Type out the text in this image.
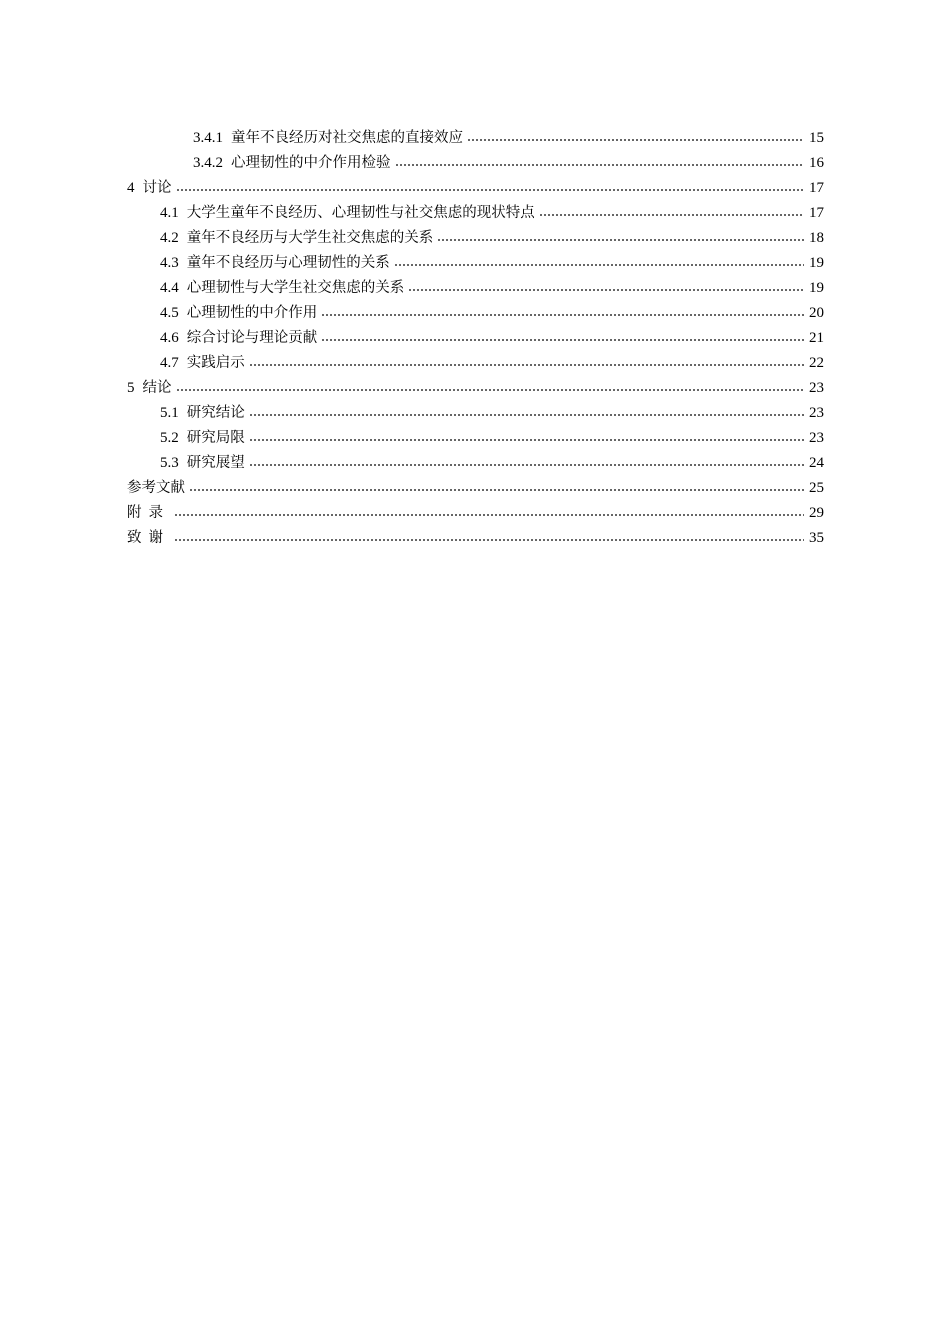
3.4.1 童年不良经历对社交焦虑的直接效应	15
3.4.2 心理韧性的中介作用检验	16
4 讨论	17
4.1 大学生童年不良经历、心理韧性与社交焦虑的现状特点	17
4.2 童年不良经历与大学生社交焦虑的关系	18
4.3 童年不良经历与心理韧性的关系	19
4.4 心理韧性与大学生社交焦虑的关系	19
4.5 心理韧性的中介作用	20
4.6 综合讨论与理论贡献	21
4.7 实践启示	22
5 结论	23
5.1 研究结论	23
5.2 研究局限	23
5.3 研究展望	24
参考文献	25
附录	29
致谢	35
